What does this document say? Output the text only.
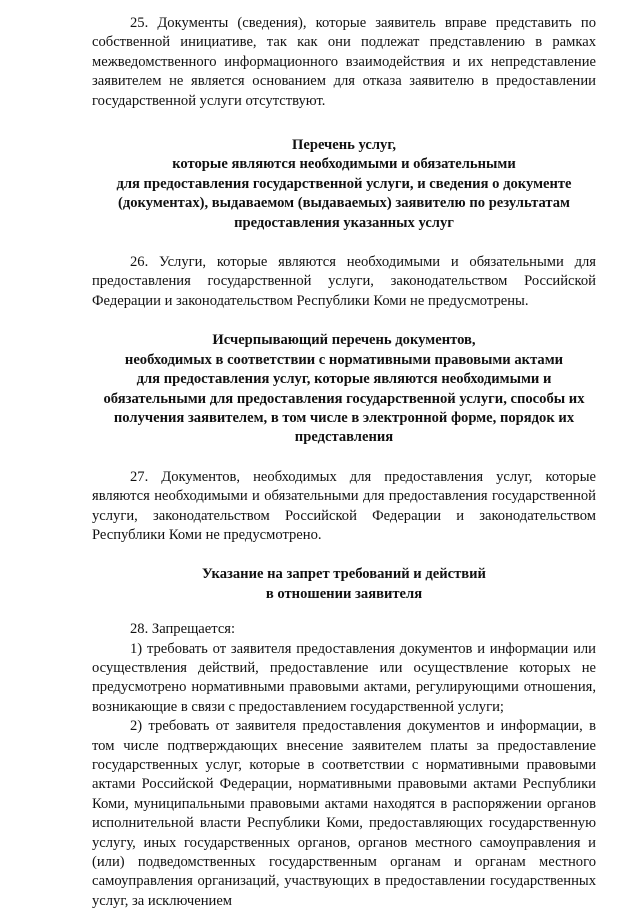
25. Документы (сведения), которые заявитель вправе представить по собственной инициативе, так как они подлежат представлению в рамках межведомственного информационного взаимодействия и их непредставление заявителем не является основанием для отказа заявителю в предоставлении государственной услуги отсутствуют.

Перечень услуг,
которые являются необходимыми и обязательными
для предоставления государственной услуги, и сведения о документе
(документах), выдаваемом (выдаваемых) заявителю по результатам
предоставления указанных услуг

26. Услуги, которые являются необходимыми и обязательными для предоставления государственной услуги, законодательством Российской Федерации и законодательством Республики Коми не предусмотрены.

Исчерпывающий перечень документов,
необходимых в соответствии с нормативными правовыми актами
для предоставления услуг, которые являются необходимыми и
обязательными для предоставления государственной услуги, способы их
получения заявителем, в том числе в электронной форме, порядок их
представления

27. Документов, необходимых для предоставления услуг, которые являются необходимыми и обязательными для предоставления государственной услуги, законодательством Российской Федерации и законодательством Республики Коми не предусмотрено.

Указание на запрет требований и действий
в отношении заявителя

28. Запрещается:

1) требовать от заявителя предоставления документов и информации или осуществления действий, предоставление или осуществление которых не предусмотрено нормативными правовыми актами, регулирующими отношения, возникающие в связи с предоставлением государственной услуги;

2) требовать от заявителя предоставления документов и информации, в том числе подтверждающих внесение заявителем платы за предоставление государственных услуг, которые в соответствии с нормативными правовыми актами Российской Федерации, нормативными правовыми актами Республики Коми, муниципальными правовыми актами находятся в распоряжении органов исполнительной власти Республики Коми, предоставляющих государственную услугу, иных государственных органов, органов местного самоуправления и (или) подведомственных государственным органам и органам местного самоуправления организаций, участвующих в предоставлении государственных услуг, за исключением
